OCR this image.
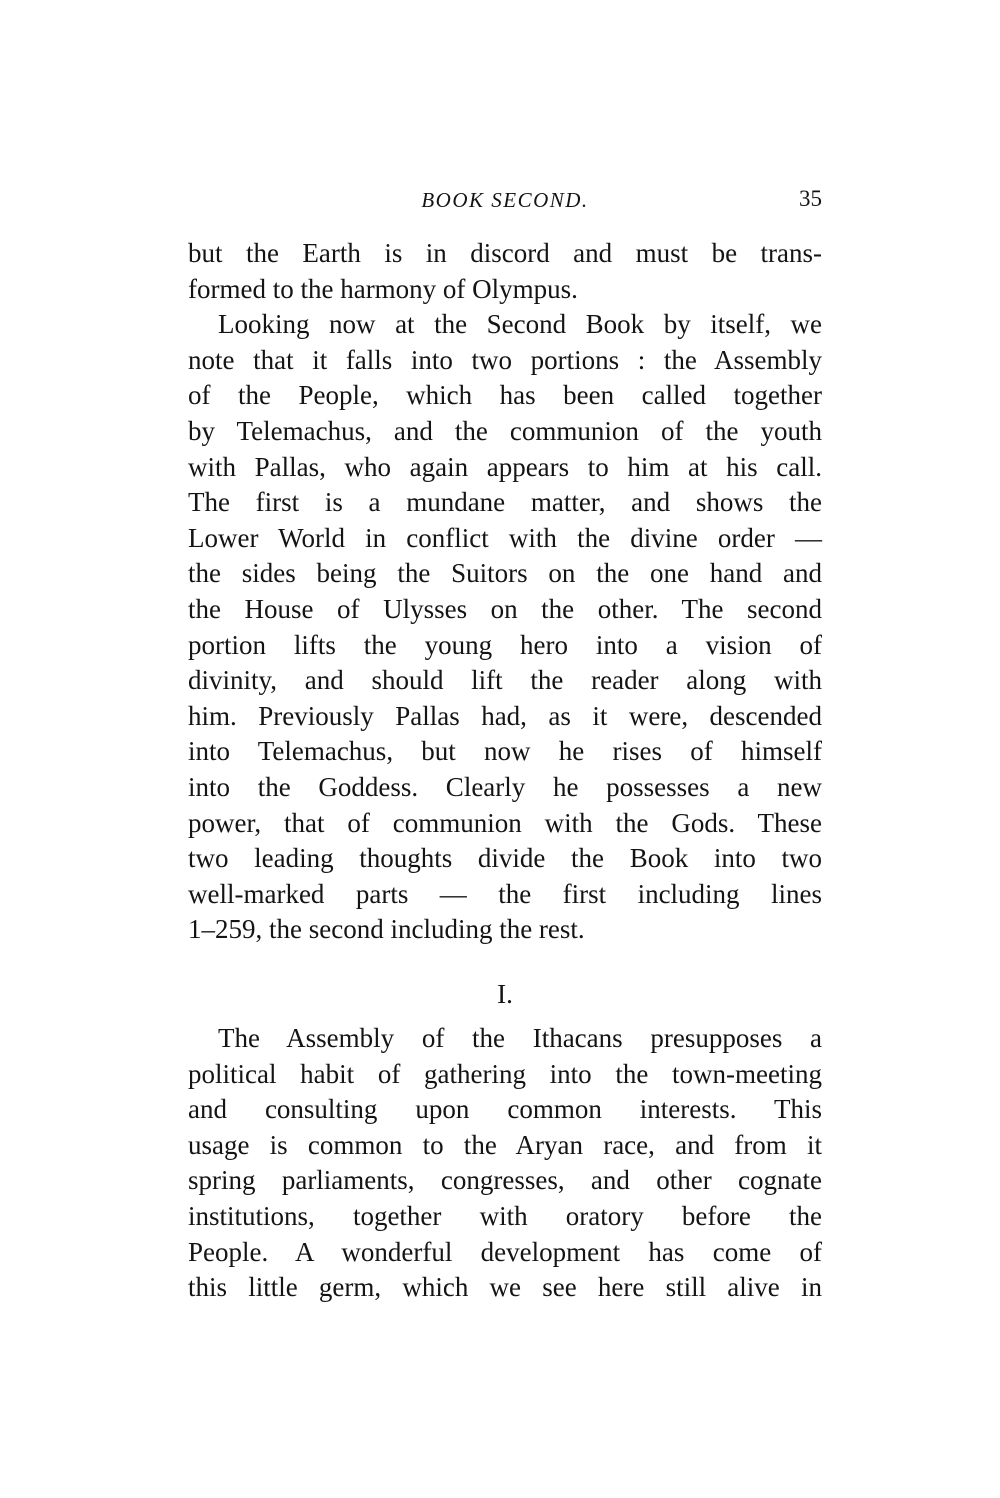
BOOK SECOND.	35
but the Earth is in discord and must be trans-
formed to the harmony of Olympus.
Looking now at the Second Book by itself, we
note that it falls into two portions : the Assembly
of the People, which has been called together
by Telemachus, and the communion of the youth
with Pallas, who again appears to him at his call.
The first is a mundane matter, and shows the
Lower World in conflict with the divine order —
the sides being the Suitors on the one hand and
the House of Ulysses on the other. The second
portion lifts the young hero into a vision of
divinity, and should lift the reader along with
him. Previously Pallas had, as it were, descended
into Telemachus, but now he rises of himself
into the Goddess. Clearly he possesses a new
power, that of communion with the Gods. These
two leading thoughts divide the Book into two
well-marked parts — the first including lines
1–259, the second including the rest.
I.
The Assembly of the Ithacans presupposes a
political habit of gathering into the town-meeting
and consulting upon common interests. This
usage is common to the Aryan race, and from it
spring parliaments, congresses, and other cognate
institutions, together with oratory before the
People. A wonderful development has come of
this little germ, which we see here still alive in
